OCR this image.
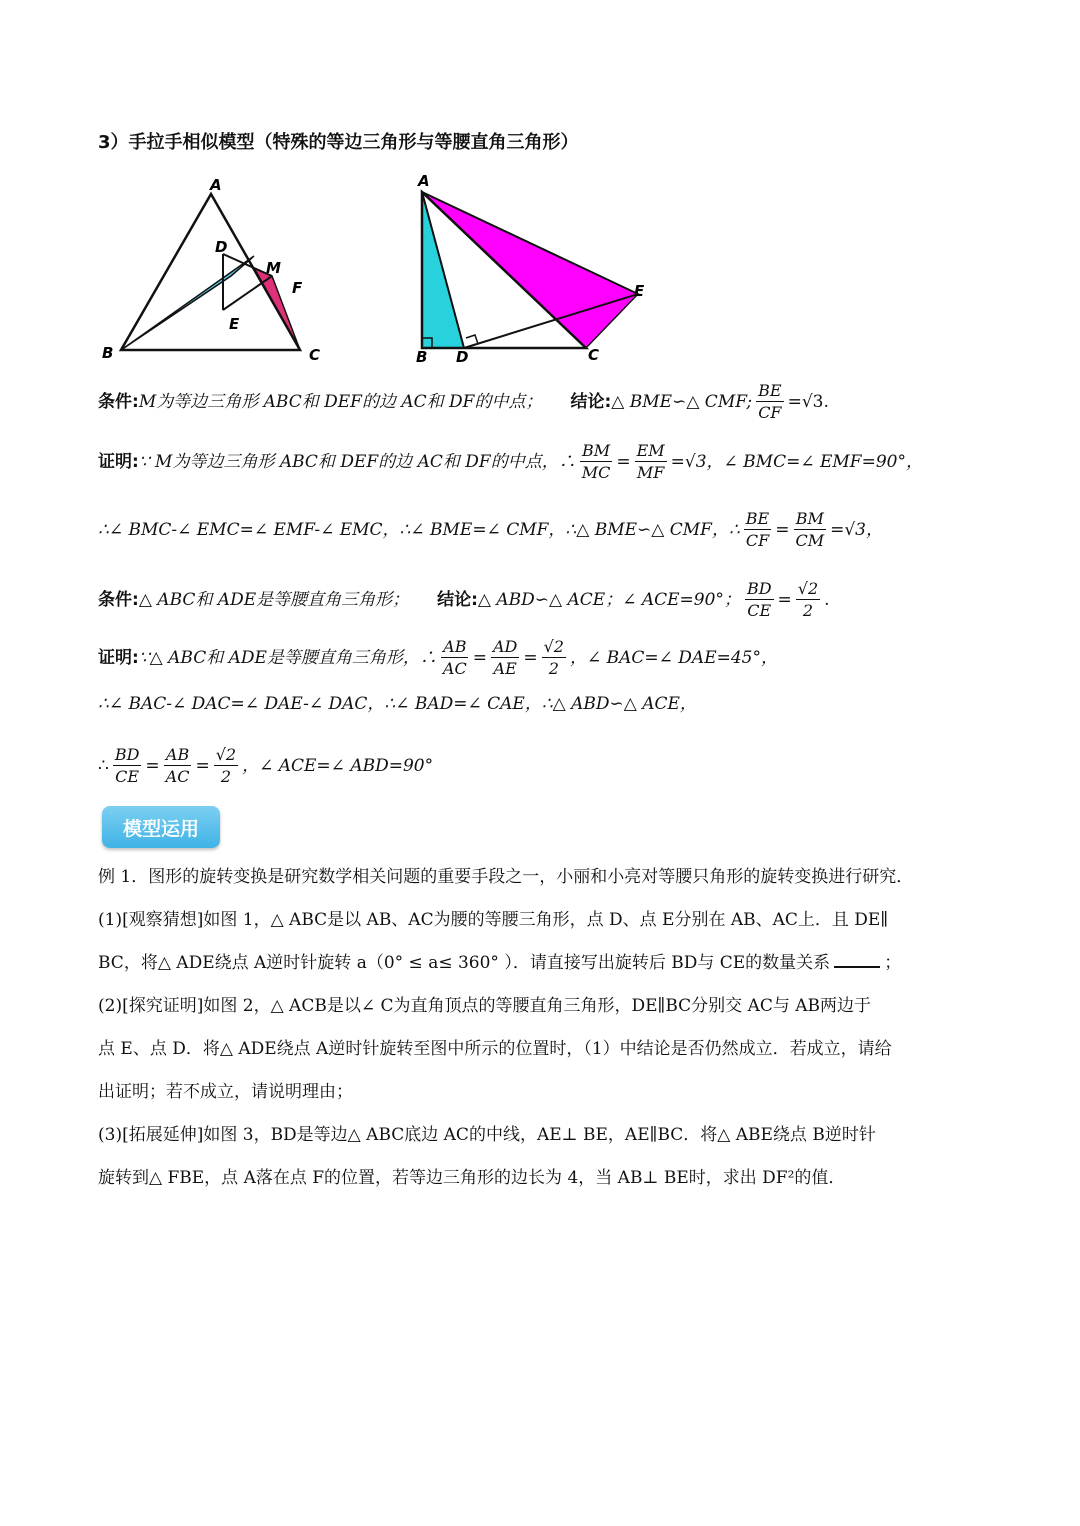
3）手拉手相似模型（特殊的等边三角形与等腰直角三角形）
A
D
M
F
E
B	C
A
E
B D	C
条件: M为等边三角形 ABC和 DEF的边 AC和 DF的中点； 结论: △ BME∽△ CMF; $\frac{BE}{CF} =√3$.
证明: ∵ M为等边三角形 ABC和 DEF的边 AC和 DF的中点，∴ $\frac{BM}{MC} = \frac{EM}{MF} =√3$，∠ BMC=∠ EMF=90°，
∴∠ BMC-∠ EMC=∠ EMF-∠ EMC，∴∠ BME=∠ CMF，∴△ BME∽△ CMF，∴ $\frac{BE}{CF} = \frac{BM}{CM} =√3$，
条件: △ ABC和 ADE是等腰直角三角形； 结论: △ ABD∽△ ACE；∠ ACE=90°； $\frac{BD}{CE} = \frac{√2}{2}$ .
证明: ∵△ ABC和 ADE是等腰直角三角形，∴ $\frac{AB}{AC} = \frac{AD}{AE} = \frac{√2}{2}$ ，∠ BAC=∠ DAE=45°，
∴∠ BAC-∠ DAC=∠ DAE-∠ DAC，∴∠ BAD=∠ CAE，∴△ ABD∽△ ACE，
∴ $\frac{BD}{CE} = \frac{AB}{AC} = \frac{√2}{2}$ ，∠ ACE=∠ ABD=90°
模型运用
例 1．图形的旋转变换是研究数学相关问题的重要手段之一，小丽和小亮对等腰只角形的旋转变换进行研究．
(1)[观察猜想]如图 1，△ ABC是以 AB、AC为腰的等腰三角形，点 D、点 E分别在 AB、AC上．且 DE∥
BC，将△ ADE绕点 A逆时针旋转 a（0° ≤ a≤ 360° ）．请直接写出旋转后 BD与 CE的数量关系	；
(2)[探究证明]如图 2，△ ACB是以∠ C为直角顶点的等腰直角三角形，DE∥BC分别交 AC与 AB两边于
点 E、点 D．将△ ADE绕点 A逆时针旋转至图中所示的位置时，（1）中结论是否仍然成立．若成立，请给
出证明；若不成立，请说明理由；
(3)[拓展延伸]如图 3，BD是等边△ ABC底边 AC的中线，AE⊥ BE，AE∥BC．将△ ABE绕点 B逆时针
旋转到△ FBE，点 A落在点 F的位置，若等边三角形的边长为 4，当 AB⊥ BE时，求出 DF²的值．
